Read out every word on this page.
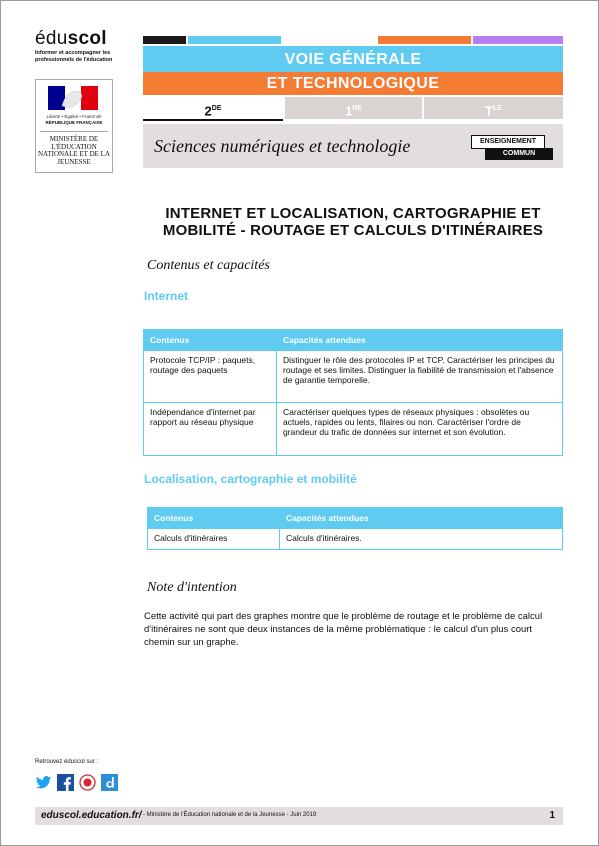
éduscol
Informer et accompagner les professionnels de l'éducation
Liberté • Égalité • Fraternité
RÉPUBLIQUE FRANÇAISE
MINISTÈRE DE L'ÉDUCATION NATIONALE ET DE LA JEUNESSE
VOIE GÉNÉRALE
ET TECHNOLOGIQUE
2DE	1RE	$T^{LE}$
Sciences numériques et technologie	ENSEIGNEMENT
COMMUN
INTERNET ET LOCALISATION, CARTOGRAPHIE ET
MOBILITÉ - ROUTAGE ET CALCULS D'ITINÉRAIRES
Contenus et capacités
Internet
Contenus	Capacités attendues
Protocole TCP/IP : paquets, routage des paquets	Distinguer le rôle des protocoles IP et TCP. Caractériser les principes du routage et ses limites. Distinguer la fiabilité de transmission et l'absence de garantie temporelle.
Indépendance d'internet par rapport au réseau physique	Caractériser quelques types de réseaux physiques : obsolètes ou actuels, rapides ou lents, filaires ou non. Caractériser l'ordre de grandeur du trafic de données sur internet et son évolution.
Localisation, cartographie et mobilité
Contenus	Capacités attendues
Calculs d'itinéraires	Calculs d'itinéraires.
Note d'intention
Cette activité qui part des graphes montre que le problème de routage et le problème de calcul d'itinéraires ne sont que deux instances de la même problématique : le calcul d'un plus court chemin sur un graphe.
Retrouvez éduscol sur :
eduscol.education.fr/ - Ministère de l'Éducation nationale et de la Jeunesse - Juin 2019	1
